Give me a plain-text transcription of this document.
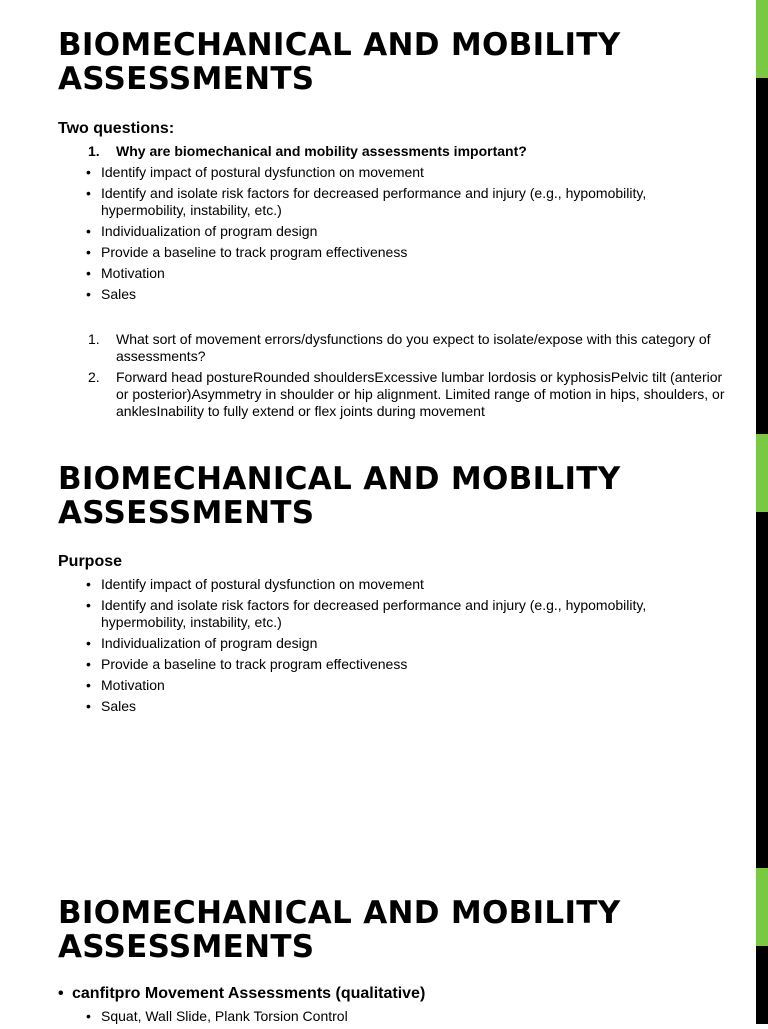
BIOMECHANICAL AND MOBILITY ASSESSMENTS

Two questions:

1. Why are biomechanical and mobility assessments important?
• Identify impact of postural dysfunction on movement
• Identify and isolate risk factors for decreased performance and injury (e.g., hypomobility, hypermobility, instability, etc.)
• Individualization of program design
• Provide a baseline to track program effectiveness
• Motivation
• Sales
1. What sort of movement errors/dysfunctions do you expect to isolate/expose with this category of assessments?
2. Forward head postureRounded shouldersExcessive lumbar lordosis or kyphosisPelvic tilt (anterior or posterior)Asymmetry in shoulder or hip alignment. Limited range of motion in hips, shoulders, or anklesInability to fully extend or flex joints during movement
BIOMECHANICAL AND MOBILITY ASSESSMENTS

Purpose

• Identify impact of postural dysfunction on movement
• Identify and isolate risk factors for decreased performance and injury (e.g., hypomobility, hypermobility, instability, etc.)
• Individualization of program design
• Provide a baseline to track program effectiveness
• Motivation
• Sales
BIOMECHANICAL AND MOBILITY ASSESSMENTS
• canfitpro Movement Assessments (qualitative)
• Squat, Wall Slide, Plank Torsion Control
